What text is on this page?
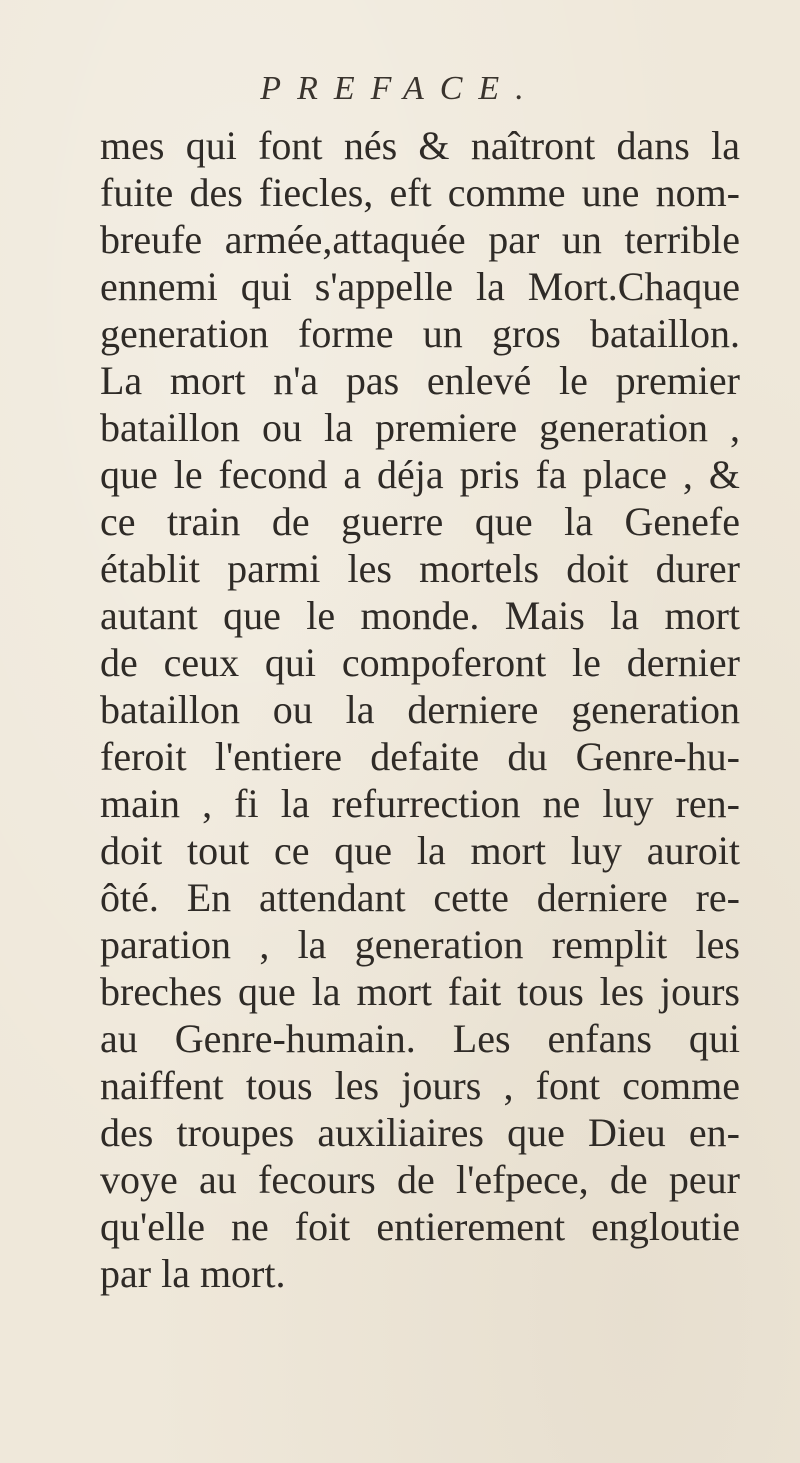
PREFACE.
mes qui font nés & naîtront dans la
fuite des fiecles, eft comme une nom-
breufe armée,attaquée par un terrible
ennemi qui s'appelle la Mort.Chaque
generation forme un gros bataillon.
La mort n'a pas enlevé le premier
bataillon ou la premiere generation ,
que le fecond a déja pris fa place , &
ce train de guerre que la Genefe
établit parmi les mortels doit durer
autant que le monde. Mais la mort
de ceux qui compoferont le dernier
bataillon ou la derniere generation
feroit l'entiere defaite du Genre-hu-
main , fi la refurrection ne luy ren-
doit tout ce que la mort luy auroit
ôté. En attendant cette derniere re-
paration , la generation remplit les
breches que la mort fait tous les jours
au Genre-humain. Les enfans qui
naiffent tous les jours , font comme
des troupes auxiliaires que Dieu en-
voye au fecours de l'efpece, de peur
qu'elle ne foit entierement engloutie
par la mort.
